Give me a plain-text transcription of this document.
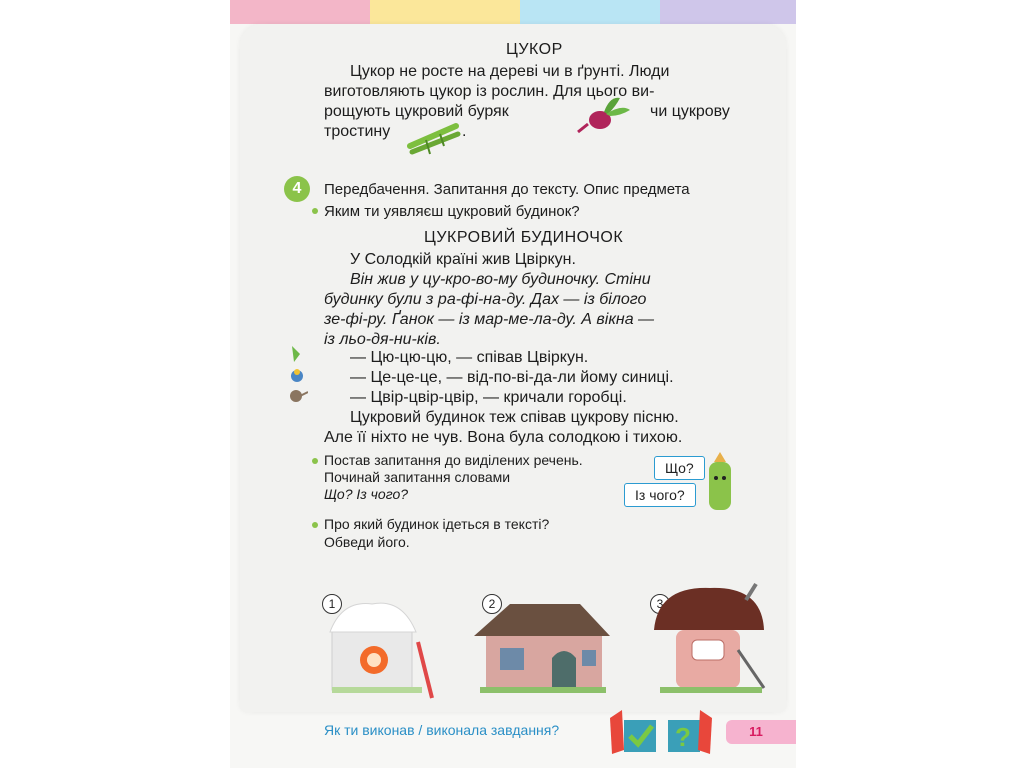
ЦУКОР
Цукор не росте на дереві чи в ґрунті. Люди
виготовляють цукор із рослин. Для цього ви-
рощують цукровий буряк	чи цукрову
тростину	.
4	Передбачення. Запитання до тексту. Опис предмета
Яким ти уявляєш цукровий будинок?
ЦУКРОВИЙ БУДИНОЧОК
У Солодкій країні жив Цвіркун.
Він жив у цу-кро-во-му будиночку. Стіни
будинку були з ра-фі-на-ду. Дах — із білого
зе-фі-ру. Ґанок — із мар-ме-ла-ду. А вікна —
із льо-дя-ни-ків.
— Цю-цю-цю, — співав Цвіркун.
— Це-це-це, — від-по-ві-да-ли йому синиці.
— Цвір-цвір-цвір, — кричали горобці.
Цукровий будинок теж співав цукрову пісню.
Але її ніхто не чув. Вона була солодкою і тихою.
Постав запитання до виділених речень.
Починай запитання словами
Що? Із чого?
Що?
Із чого?
Про який будинок ідеться в тексті?
Обведи його.
1	2	3
Як ти виконав / виконала завдання?	?	11
